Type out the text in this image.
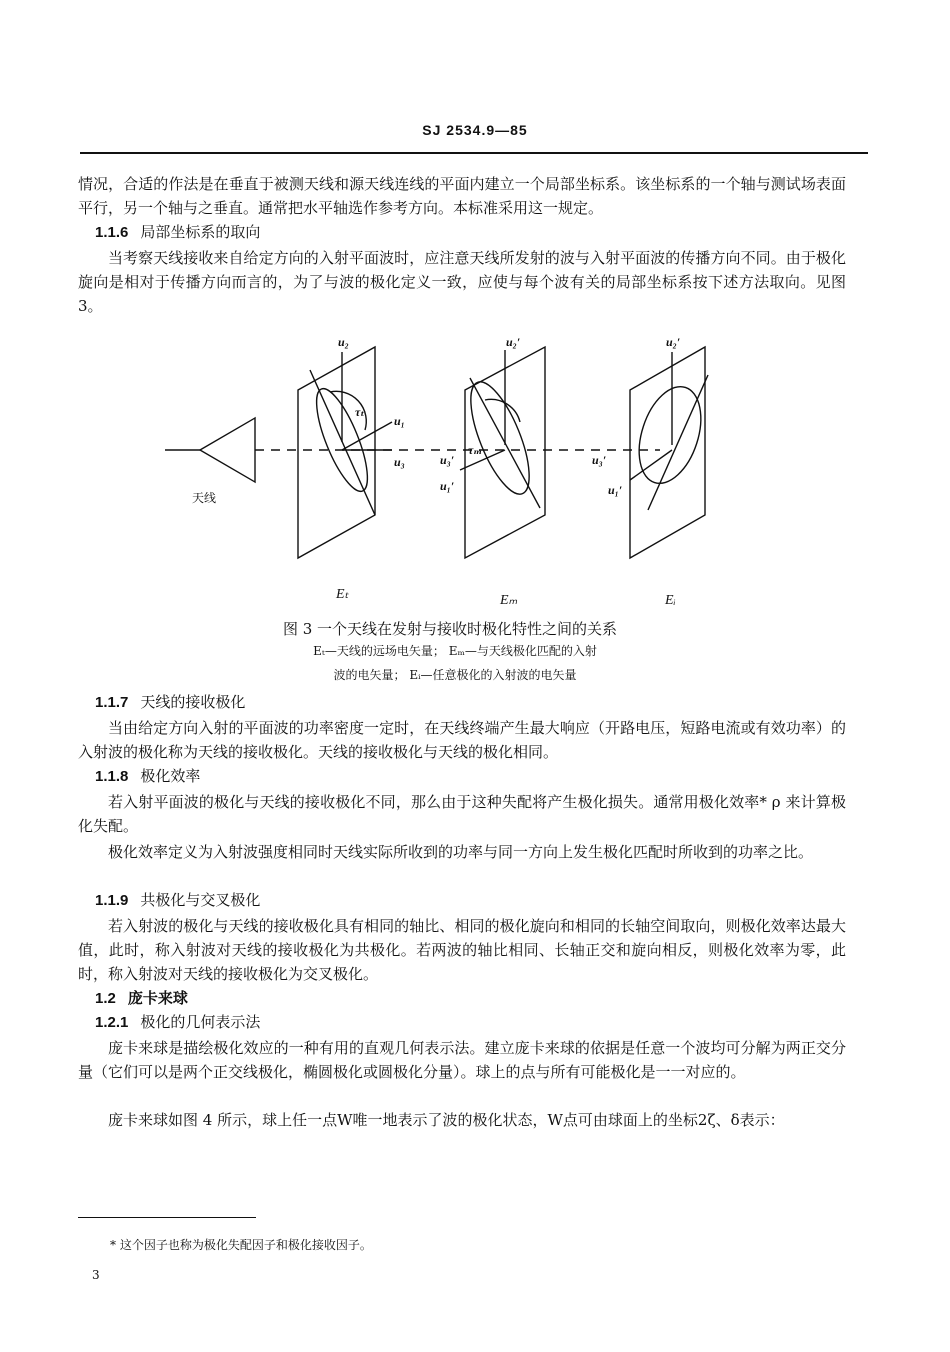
SJ 2534.9—85

情况，合适的作法是在垂直于被测天线和源天线连线的平面内建立一个局部坐标系。该坐标系的一个轴与测试场表面平行，另一个轴与之垂直。通常把水平轴选作参考方向。本标准采用这一规定。

1.1.6 局部坐标系的取向

当考察天线接收来自给定方向的入射平面波时，应注意天线所发射的波与入射平面波的传播方向不同。由于极化旋向是相对于传播方向而言的，为了与波的极化定义一致，应使与每个波有关的局部坐标系按下述方法取向。见图 3。

u₂
u₁
u₃
τₜ
u₂′
u₃′
u₁′
τₘ
u₂′
u₃′
u₁′
天线
Eₜ	Eₘ	Eᵢ
图 3 一个天线在发射与接收时极化特性之间的关系
Eₜ—天线的远场电矢量； Eₘ—与天线极化匹配的入射
波的电矢量； Eᵢ—任意极化的入射波的电矢量
1.1.7 天线的接收极化

当由给定方向入射的平面波的功率密度一定时，在天线终端产生最大响应（开路电压，短路电流或有效功率）的入射波的极化称为天线的接收极化。天线的接收极化与天线的极化相同。

1.1.8 极化效率

若入射平面波的极化与天线的接收极化不同，那么由于这种失配将产生极化损失。通常用极化效率* ρ 来计算极化失配。

极化效率定义为入射波强度相同时天线实际所收到的功率与同一方向上发生极化匹配时所收到的功率之比。

1.1.9 共极化与交叉极化

若入射波的极化与天线的接收极化具有相同的轴比、相同的极化旋向和相同的长轴空间取向，则极化效率达最大值，此时，称入射波对天线的接收极化为共极化。若两波的轴比相同、长轴正交和旋向相反，则极化效率为零，此时，称入射波对天线的接收极化为交叉极化。

1.2 庞卡来球
1.2.1 极化的几何表示法

庞卡来球是描绘极化效应的一种有用的直观几何表示法。建立庞卡来球的依据是任意一个波均可分解为两正交分量（它们可以是两个正交线极化，椭圆极化或圆极化分量）。球上的点与所有可能极化是一一对应的。

庞卡来球如图 4 所示，球上任一点W唯一地表示了波的极化状态，W点可由球面上的坐标2ζ、δ表示：

* 这个因子也称为极化失配因子和极化接收因子。
3
